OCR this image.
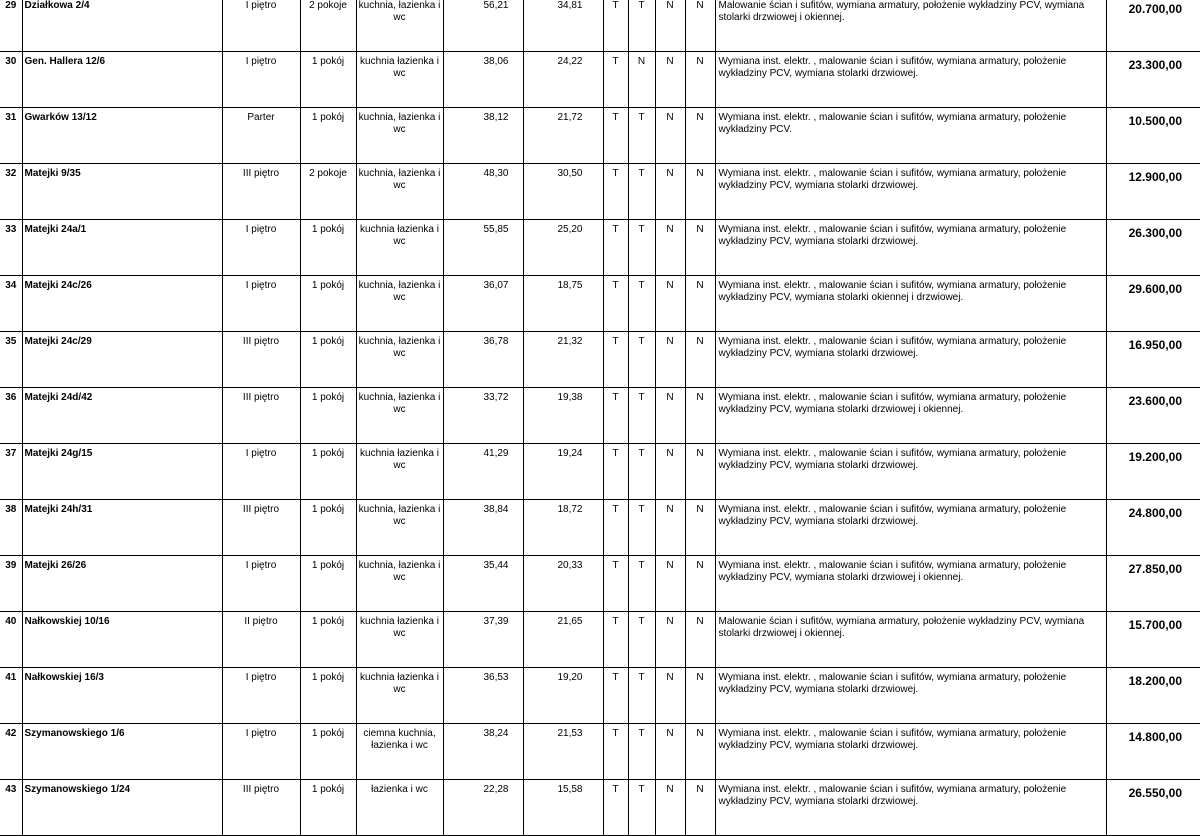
29	Działkowa 2/4	I piętro	2 pokoje	kuchnia, łazienka i wc	56,21	34,81	T	T	N	N	Malowanie ścian i sufitów, wymiana armatury, położenie wykładziny PCV, wymiana stolarki drzwiowej i okiennej.	20.700,00
30	Gen. Hallera 12/6	I piętro	1 pokój	kuchnia łazienka i wc	38,06	24,22	T	N	N	N	Wymiana inst. elektr. , malowanie ścian i sufitów, wymiana armatury, położenie wykładziny PCV, wymiana stolarki drzwiowej.	23.300,00
31	Gwarków 13/12	Parter	1 pokój	kuchnia, łazienka i wc	38,12	21,72	T	T	N	N	Wymiana inst. elektr. , malowanie ścian i sufitów, wymiana armatury, położenie wykładziny PCV.	10.500,00
32	Matejki 9/35	III piętro	2 pokoje	kuchnia, łazienka i wc	48,30	30,50	T	T	N	N	Wymiana inst. elektr. , malowanie ścian i sufitów, wymiana armatury, położenie wykładziny PCV, wymiana stolarki drzwiowej.	12.900,00
33	Matejki 24a/1	I piętro	1 pokój	kuchnia łazienka i wc	55,85	25,20	T	T	N	N	Wymiana inst. elektr. , malowanie ścian i sufitów, wymiana armatury, położenie wykładziny PCV, wymiana stolarki drzwiowej.	26.300,00
34	Matejki 24c/26	I piętro	1 pokój	kuchnia, łazienka i wc	36,07	18,75	T	T	N	N	Wymiana inst. elektr. , malowanie ścian i sufitów, wymiana armatury, położenie wykładziny PCV, wymiana stolarki okiennej i drzwiowej.	29.600,00
35	Matejki 24c/29	III piętro	1 pokój	kuchnia, łazienka i wc	36,78	21,32	T	T	N	N	Wymiana inst. elektr. , malowanie ścian i sufitów, wymiana armatury, położenie wykładziny PCV, wymiana stolarki drzwiowej.	16.950,00
36	Matejki 24d/42	III piętro	1 pokój	kuchnia, łazienka i wc	33,72	19,38	T	T	N	N	Wymiana inst. elektr. , malowanie ścian i sufitów, wymiana armatury, położenie wykładziny PCV, wymiana stolarki drzwiowej i okiennej.	23.600,00
37	Matejki 24g/15	I piętro	1 pokój	kuchnia łazienka i wc	41,29	19,24	T	T	N	N	Wymiana inst. elektr. , malowanie ścian i sufitów, wymiana armatury, położenie wykładziny PCV, wymiana stolarki drzwiowej.	19.200,00
38	Matejki 24h/31	III piętro	1 pokój	kuchnia, łazienka i wc	38,84	18,72	T	T	N	N	Wymiana inst. elektr. , malowanie ścian i sufitów, wymiana armatury, położenie wykładziny PCV, wymiana stolarki drzwiowej.	24.800,00
39	Matejki 26/26	I piętro	1 pokój	kuchnia, łazienka i wc	35,44	20,33	T	T	N	N	Wymiana inst. elektr. , malowanie ścian i sufitów, wymiana armatury, położenie wykładziny PCV, wymiana stolarki drzwiowej i okiennej.	27.850,00
40	Nałkowskiej 10/16	II piętro	1 pokój	kuchnia łazienka i wc	37,39	21,65	T	T	N	N	Malowanie ścian i sufitów, wymiana armatury, położenie wykładziny PCV, wymiana stolarki drzwiowej i okiennej.	15.700,00
41	Nałkowskiej 16/3	I piętro	1 pokój	kuchnia łazienka i wc	36,53	19,20	T	T	N	N	Wymiana inst. elektr. , malowanie ścian i sufitów, wymiana armatury, położenie wykładziny PCV, wymiana stolarki drzwiowej.	18.200,00
42	Szymanowskiego 1/6	I piętro	1 pokój	ciemna kuchnia, łazienka i wc	38,24	21,53	T	T	N	N	Wymiana inst. elektr. , malowanie ścian i sufitów, wymiana armatury, położenie wykładziny PCV, wymiana stolarki drzwiowej.	14.800,00
43	Szymanowskiego 1/24	III piętro	1 pokój	łazienka i wc	22,28	15,58	T	T	N	N	Wymiana inst. elektr. , malowanie ścian i sufitów, wymiana armatury, położenie wykładziny PCV, wymiana stolarki drzwiowej.	26.550,00
